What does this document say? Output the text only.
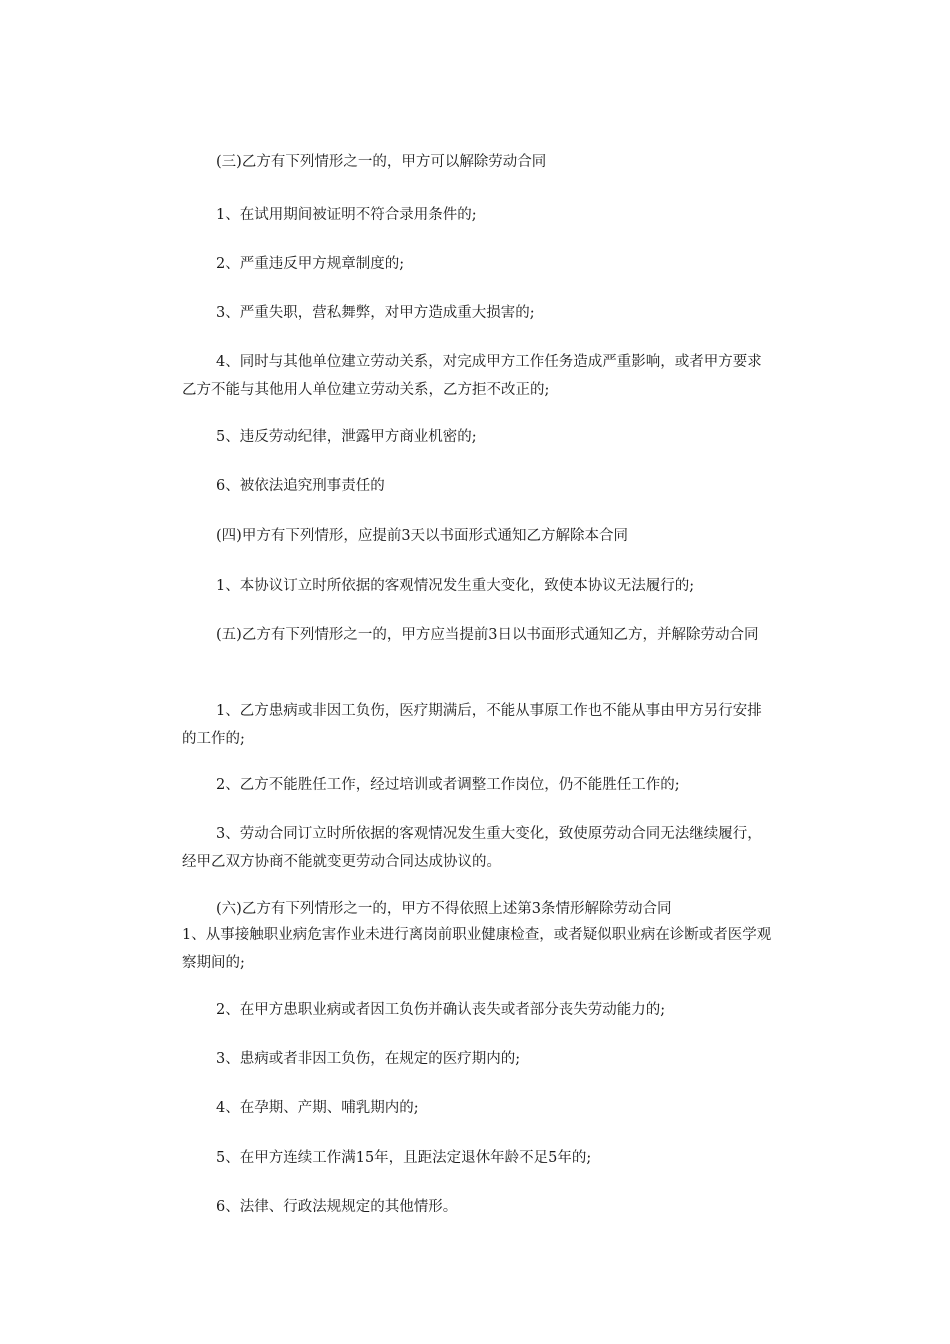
(三)乙方有下列情形之一的，甲方可以解除劳动合同

1、在试用期间被证明不符合录用条件的;

2、严重违反甲方规章制度的;

3、严重失职，营私舞弊，对甲方造成重大损害的;

4、同时与其他单位建立劳动关系，对完成甲方工作任务造成严重影响，或者甲方要求乙方不能与其他用人单位建立劳动关系，乙方拒不改正的;

5、违反劳动纪律，泄露甲方商业机密的;

6、被依法追究刑事责任的

(四)甲方有下列情形，应提前3天以书面形式通知乙方解除本合同

1、本协议订立时所依据的客观情况发生重大变化，致使本协议无法履行的;

(五)乙方有下列情形之一的，甲方应当提前3日以书面形式通知乙方，并解除劳动合同

1、乙方患病或非因工负伤，医疗期满后，不能从事原工作也不能从事由甲方另行安排的工作的;

2、乙方不能胜任工作，经过培训或者调整工作岗位，仍不能胜任工作的;

3、劳动合同订立时所依据的客观情况发生重大变化，致使原劳动合同无法继续履行，经甲乙双方协商不能就变更劳动合同达成协议的。

(六)乙方有下列情形之一的，甲方不得依照上述第3条情形解除劳动合同

1、从事接触职业病危害作业未进行离岗前职业健康检查，或者疑似职业病在诊断或者医学观察期间的;

2、在甲方患职业病或者因工负伤并确认丧失或者部分丧失劳动能力的;

3、患病或者非因工负伤，在规定的医疗期内的;

4、在孕期、产期、哺乳期内的;

5、在甲方连续工作满15年，且距法定退休年龄不足5年的;

6、法律、行政法规规定的其他情形。
